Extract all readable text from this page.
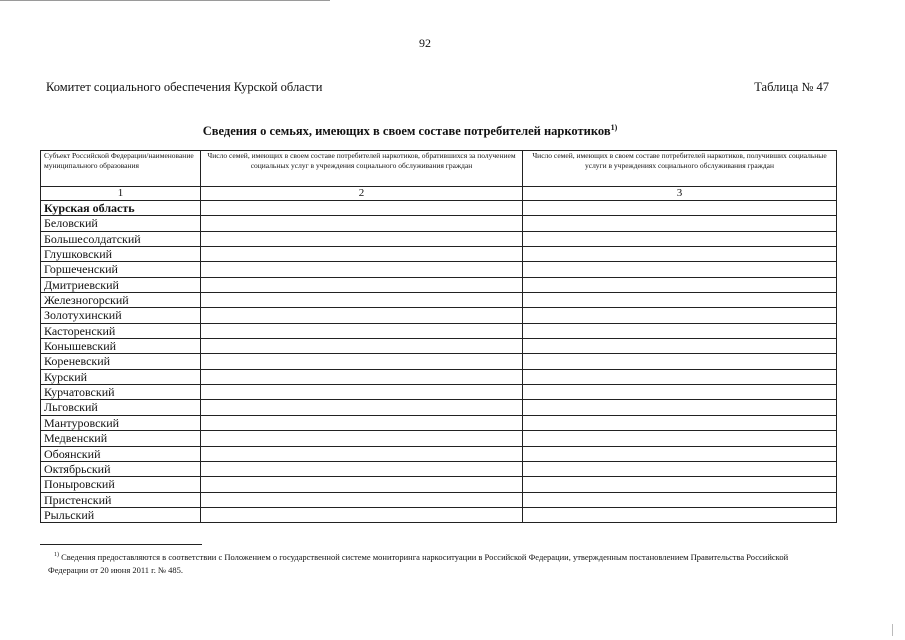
92
Комитет социального обеспечения Курской области	Таблица № 47
Сведения о семьях, имеющих в своем составе потребителей наркотиков$^{1)}$
Субъект Российской Федерации/наименование муниципального образования	Число семей, имеющих в своем составе потребителей наркотиков, обратившихся за получением социальных услуг в учреждения социального обслуживания граждан	Число семей, имеющих в своем составе потребителей наркотиков, получивших социальные услуги в учреждениях социального обслуживания граждан
1	2	3
Курская область		
Беловский		
Большесолдатский		
Глушковский		
Горшеченский		
Дмитриевский		
Железногорский		
Золотухинский		
Касторенский		
Конышевский		
Кореневский		
Курский		
Курчатовский		
Льговский		
Мантуровский		
Медвенский		
Обоянский		
Октябрьский		
Поныровский		
Пристенский		
Рыльский		
$^{1)}$ Сведения предоставляются в соответствии с Положением о государственной системе мониторинга наркоситуации в Российской Федерации, утвержденным постановлением Правительства Российской Федерации от 20 июня 2011 г. № 485.
